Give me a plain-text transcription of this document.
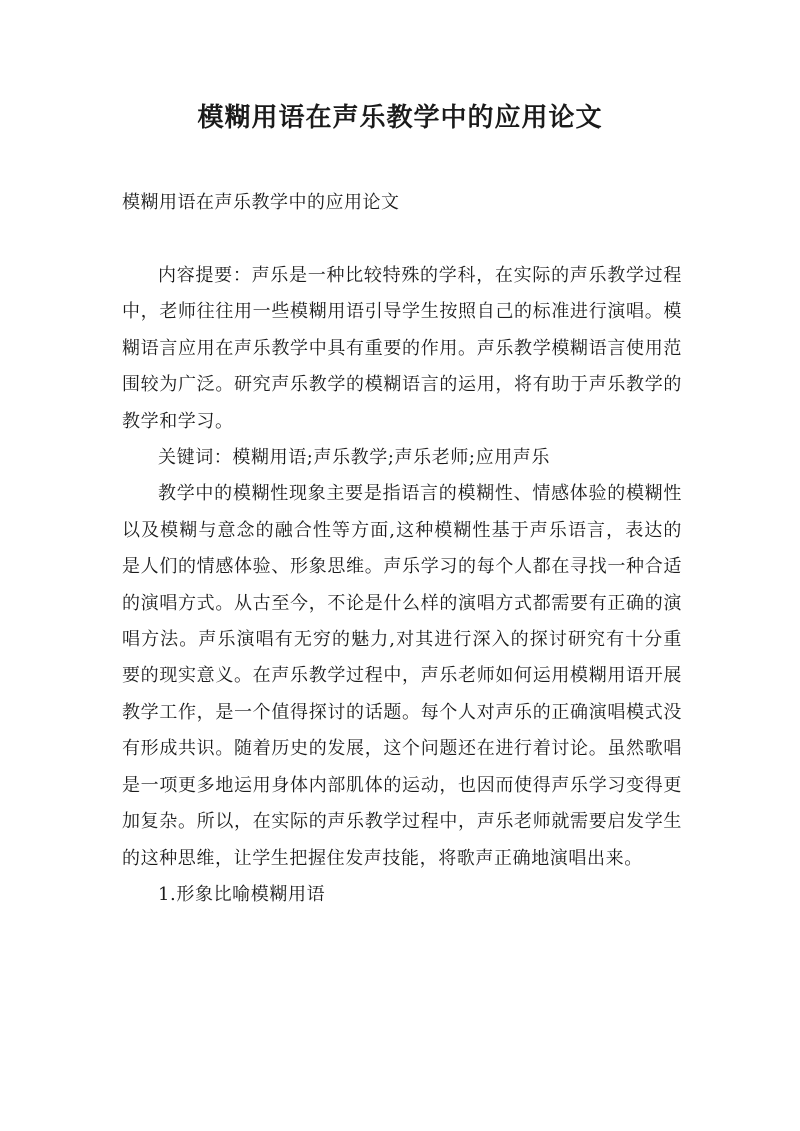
模糊用语在声乐教学中的应用论文
模糊用语在声乐教学中的应用论文

内容提要：声乐是一种比较特殊的学科，在实际的声乐教学过程中，老师往往用一些模糊用语引导学生按照自己的标准进行演唱。模糊语言应用在声乐教学中具有重要的作用。声乐教学模糊语言使用范围较为广泛。研究声乐教学的模糊语言的运用，将有助于声乐教学的教学和学习。

关键词：模糊用语;声乐教学;声乐老师;应用声乐

教学中的模糊性现象主要是指语言的模糊性、情感体验的模糊性以及模糊与意念的融合性等方面,这种模糊性基于声乐语言，表达的是人们的情感体验、形象思维。声乐学习的每个人都在寻找一种合适的演唱方式。从古至今，不论是什么样的演唱方式都需要有正确的演唱方法。声乐演唱有无穷的魅力,对其进行深入的探讨研究有十分重要的现实意义。在声乐教学过程中，声乐老师如何运用模糊用语开展教学工作，是一个值得探讨的话题。每个人对声乐的正确演唱模式没有形成共识。随着历史的发展，这个问题还在进行着讨论。虽然歌唱是一项更多地运用身体内部肌体的运动，也因而使得声乐学习变得更加复杂。所以，在实际的声乐教学过程中，声乐老师就需要启发学生的这种思维，让学生把握住发声技能，将歌声正确地演唱出来。

1.形象比喻模糊用语
